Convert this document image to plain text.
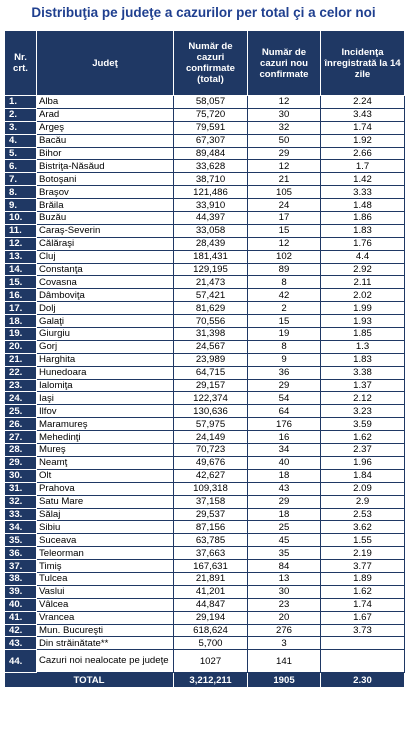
Distribuţia pe judeţe a cazurilor per total çi a celor noi
Nr. crt.	Judeţ	Număr de cazuri confirmate (total)	Număr de cazuri nou confirmate	Incidenţa înregistrată la 14 zile
1.	Alba	58,057	12	2.24
2.	Arad	75,720	30	3.43
3.	Argeş	79,591	32	1.74
4.	Bacău	67,307	50	1.92
5.	Bihor	89,484	29	2.66
6.	Bistriţa-Năsăud	33,628	12	1.7
7.	Botoşani	38,710	21	1.42
8.	Braşov	121,486	105	3.33
9.	Brăila	33,910	24	1.48
10.	Buzău	44,397	17	1.86
11.	Caraş-Severin	33,058	15	1.83
12.	Călăraşi	28,439	12	1.76
13.	Cluj	181,431	102	4.4
14.	Constanţa	129,195	89	2.92
15.	Covasna	21,473	8	2.11
16.	Dâmboviţa	57,421	42	2.02
17.	Dolj	81,629	2	1.99
18.	Galaţi	70,556	15	1.93
19.	Giurgiu	31,398	19	1.85
20.	Gorj	24,567	8	1.3
21.	Harghita	23,989	9	1.83
22.	Hunedoara	64,715	36	3.38
23.	Ialomiţa	29,157	29	1.37
24.	Iaşi	122,374	54	2.12
25.	Ilfov	130,636	64	3.23
26.	Maramureş	57,975	176	3.59
27.	Mehedinţi	24,149	16	1.62
28.	Mureş	70,723	34	2.37
29.	Neamţ	49,676	40	1.96
30.	Olt	42,627	18	1.84
31.	Prahova	109,318	43	2.09
32.	Satu Mare	37,158	29	2.9
33.	Sălaj	29,537	18	2.53
34.	Sibiu	87,156	25	3.62
35.	Suceava	63,785	45	1.55
36.	Teleorman	37,663	35	2.19
37.	Timiş	167,631	84	3.77
38.	Tulcea	21,891	13	1.89
39.	Vaslui	41,201	30	1.62
40.	Vâlcea	44,847	23	1.74
41.	Vrancea	29,194	20	1.67
42.	Mun. Bucureşti	618,624	276	3.73
43.	Din străinătate**	5,700	3	
44.	Cazuri noi nealocate pe judeţe	1027	141	
TOTAL		3,212,211	1905	2.30
